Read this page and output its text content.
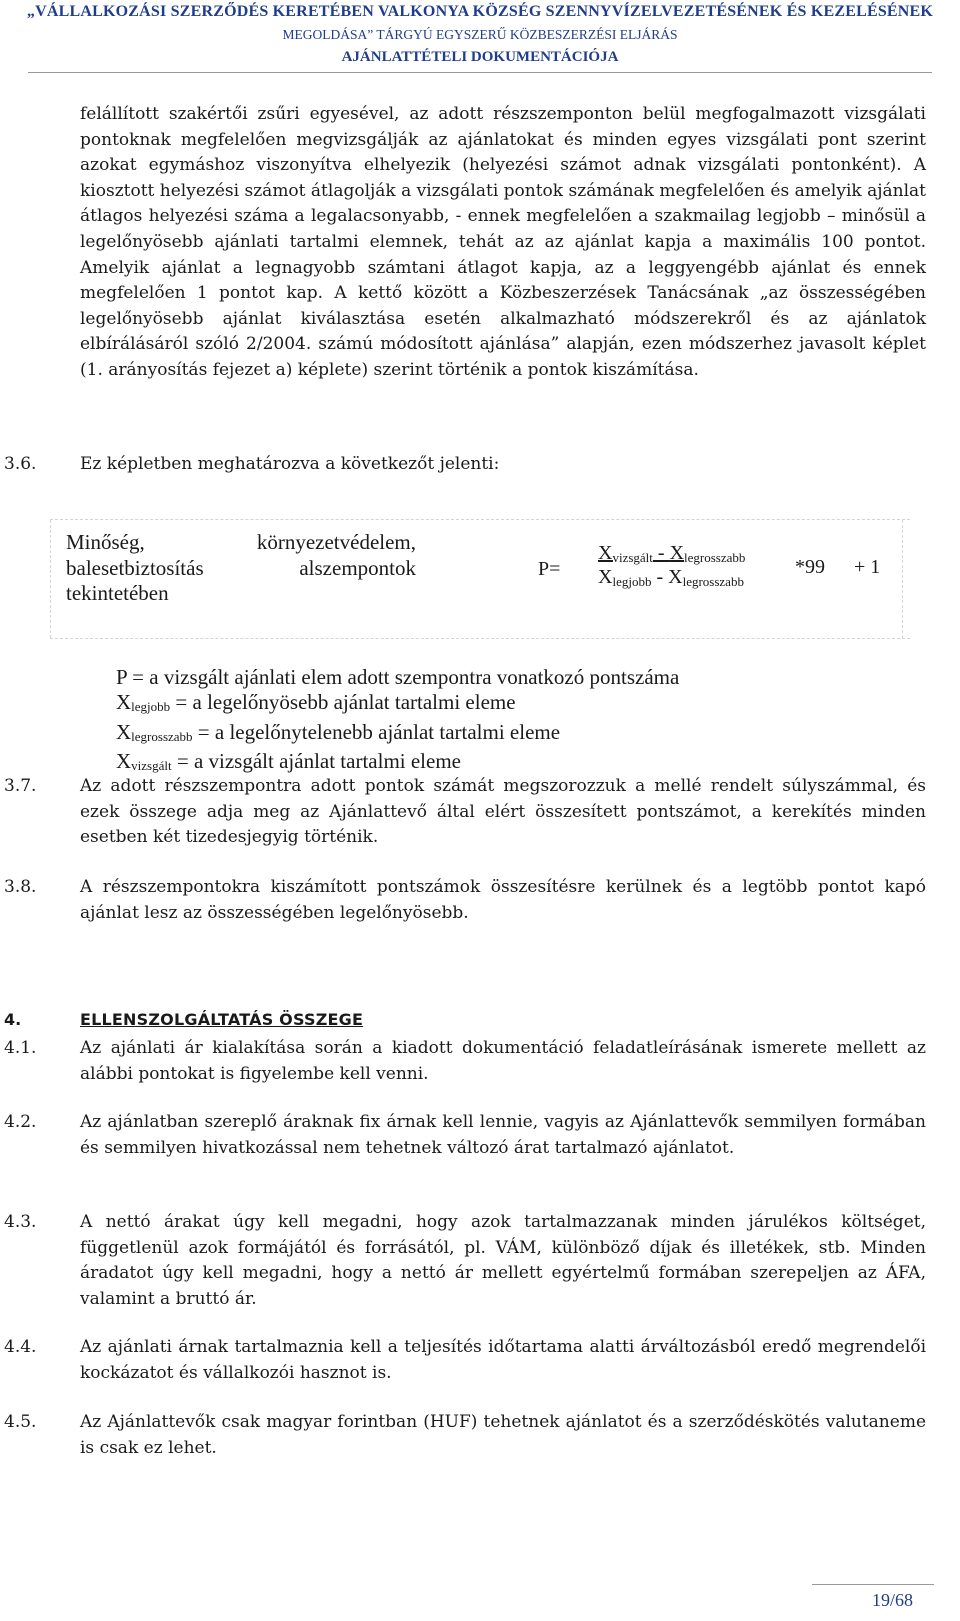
„VÁLLALKOZÁSI SZERZŐDÉS KERETÉBEN VALKONYA KÖZSÉG SZENNYVÍZELVEZETÉSÉNEK ÉS KEZELÉSÉNEK
MEGOLDÁSA” TÁRGYÚ EGYSZERŰ KÖZBESZERZÉSI ELJÁRÁS
AJÁNLATTÉTELI DOKUMENTÁCIÓJA
felállított szakértői zsűri egyesével, az adott részszemponton belül megfogalmazott vizsgálati pontoknak megfelelően megvizsgálják az ajánlatokat és minden egyes vizsgálati pont szerint azokat egymáshoz viszonyítva elhelyezik (helyezési számot adnak vizsgálati pontonként). A kiosztott helyezési számot átlagolják a vizsgálati pontok számának megfelelően és amelyik ajánlat átlagos helyezési száma a legalacsonyabb, - ennek megfelelően a szakmailag legjobb – minősül a legelőnyösebb ajánlati tartalmi elemnek, tehát az az ajánlat kapja a maximális 100 pontot. Amelyik ajánlat a legnagyobb számtani átlagot kapja, az a leggyengébb ajánlat és ennek megfelelően 1 pontot kap. A kettő között a Közbeszerzések Tanácsának „az összességében legelőnyösebb ajánlat kiválasztása esetén alkalmazható módszerekről és az ajánlatok elbírálásáról szóló 2/2004. számú módosított ajánlása” alapján, ezen módszerhez javasolt képlet (1. arányosítás fejezet a) képlete) szerint történik a pontok kiszámítása.
3.6.	Ez képletben meghatározva a következőt jelenti:
Minőség, környezetvédelem, balesetbiztosítás alszempontok tekintetében
P=
$X_{vizsgált} - X_{legrosszabb}$
$X_{legjobb} - X_{legrosszabb}$
*99 + 1
P = a vizsgált ajánlati elem adott szempontra vonatkozó pontszáma
$X_{legjobb} = a$ legelőnyösebb ajánlat tartalmi eleme
$X_{legrosszabb} = a$ legelőnytelenebb ajánlat tartalmi eleme
$X_{vizsgált} = a$ vizsgált ajánlat tartalmi eleme
3.7.	Az adott részszempontra adott pontok számát megszorozzuk a mellé rendelt súlyszámmal, és ezek összege adja meg az Ajánlattevő által elért összesített pontszámot, a kerekítés minden esetben két tizedesjegyig történik.
3.8.	A részszempontokra kiszámított pontszámok összesítésre kerülnek és a legtöbb pontot kapó ajánlat lesz az összességében legelőnyösebb.
4.	ELLENSZOLGÁLTATÁS ÖSSZEGE
4.1.	Az ajánlati ár kialakítása során a kiadott dokumentáció feladatleírásának ismerete mellett az alábbi pontokat is figyelembe kell venni.
4.2.	Az ajánlatban szereplő áraknak fix árnak kell lennie, vagyis az Ajánlattevők semmilyen formában és semmilyen hivatkozással nem tehetnek változó árat tartalmazó ajánlatot.
4.3.	A nettó árakat úgy kell megadni, hogy azok tartalmazzanak minden járulékos költséget, függetlenül azok formájától és forrásától, pl. VÁM, különböző díjak és illetékek, stb. Minden áradatot úgy kell megadni, hogy a nettó ár mellett egyértelmű formában szerepeljen az ÁFA, valamint a bruttó ár.
4.4.	Az ajánlati árnak tartalmaznia kell a teljesítés időtartama alatti árváltozásból eredő megrendelői kockázatot és vállalkozói hasznot is.
4.5.	Az Ajánlattevők csak magyar forintban (HUF) tehetnek ajánlatot és a szerződéskötés valutaneme is csak ez lehet.
19/68
